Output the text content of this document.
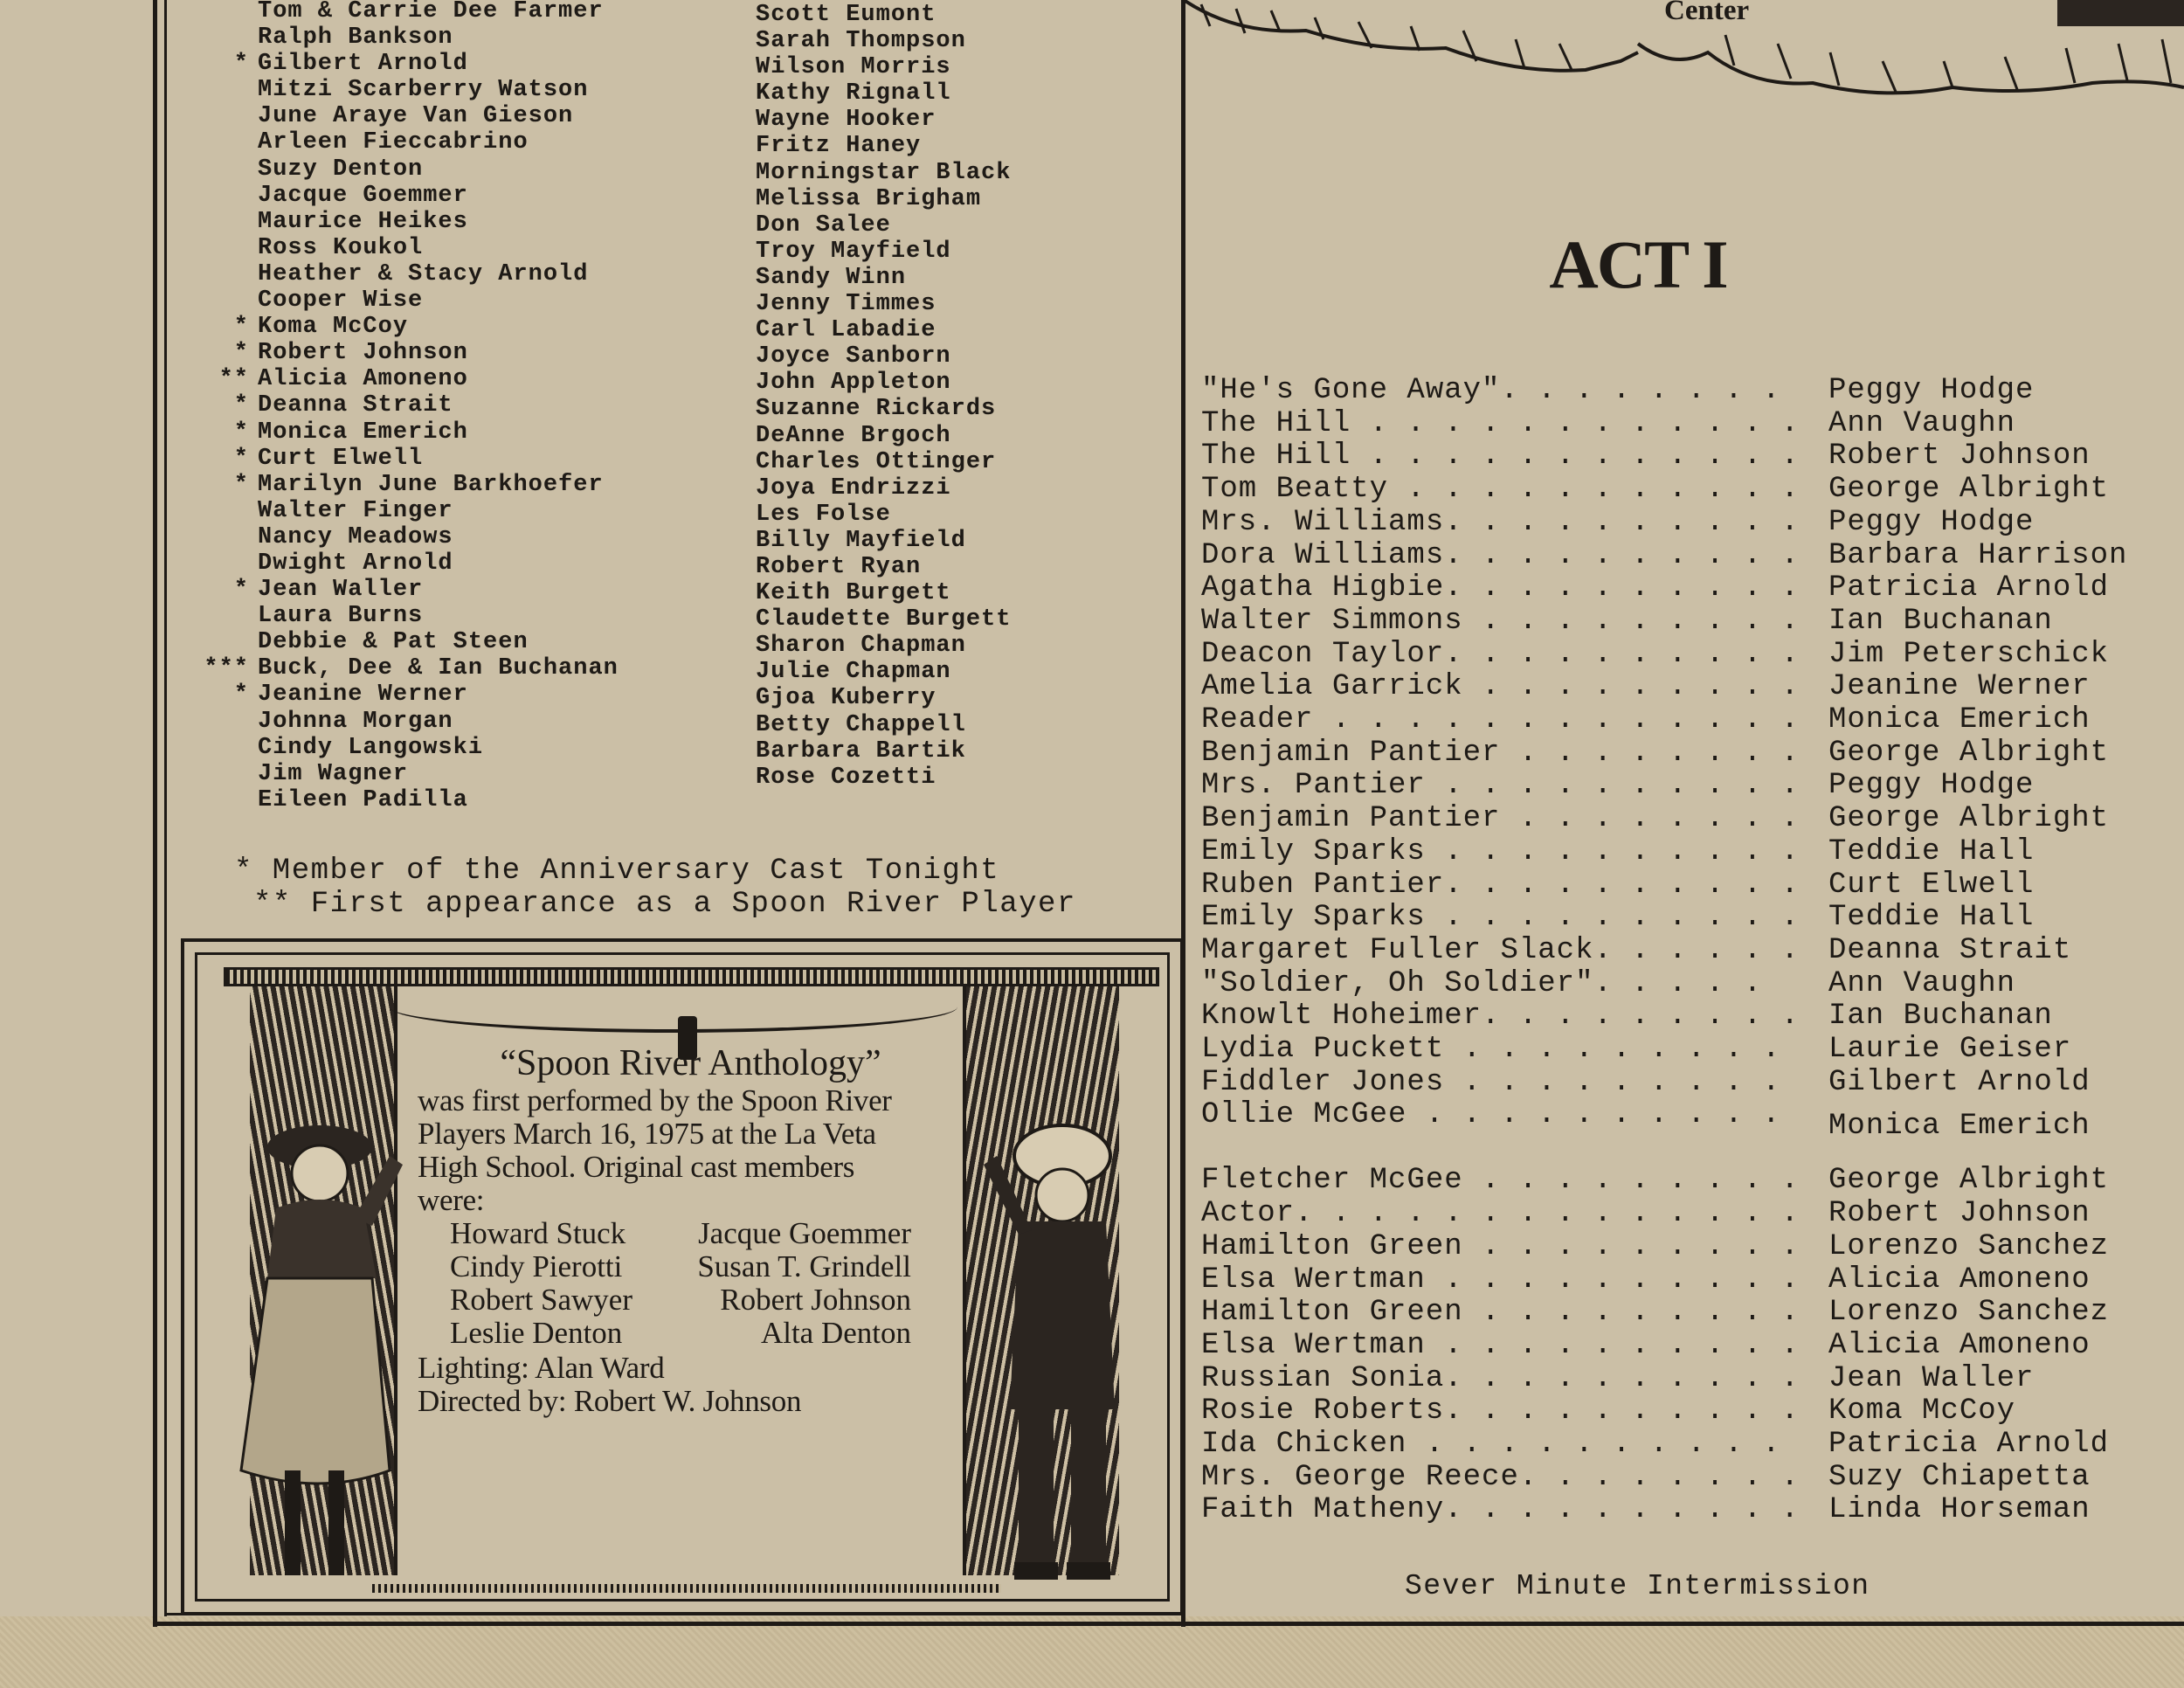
Center
Tom & Carrie Dee Farmer
Ralph Bankson
* Gilbert Arnold
Mitzi Scarberry Watson
June Araye Van Gieson
Arleen Fieccabrino
Suzy Denton
Jacque Goemmer
Maurice Heikes
Ross Koukol
Heather & Stacy Arnold
Cooper Wise
* Koma McCoy
* Robert Johnson
** Alicia Amoneno
* Deanna Strait
* Monica Emerich
* Curt Elwell
* Marilyn June Barkhoefer
Walter Finger
Nancy Meadows
Dwight Arnold
* Jean Waller
Laura Burns
Debbie & Pat Steen
*** Buck, Dee & Ian Buchanan
* Jeanine Werner
Johnna Morgan
Cindy Langowski
Jim Wagner
Eileen Padilla
Scott Eumont
Sarah Thompson
Wilson Morris
Kathy Rignall
Wayne Hooker
Fritz Haney
Morningstar Black
Melissa Brigham
Don Salee
Troy Mayfield
Sandy Winn
Jenny Timmes
Carl Labadie
Joyce Sanborn
John Appleton
Suzanne Rickards
DeAnne Brgoch
Charles Ottinger
Joya Endrizzi
Les Folse
Billy Mayfield
Robert Ryan
Keith Burgett
Claudette Burgett
Sharon Chapman
Julie Chapman
Gjoa Kuberry
Betty Chappell
Barbara Bartik
Rose Cozetti
* Member of the Anniversary Cast Tonight
** First appearance as a Spoon River Player
“Spoon River Anthology”
was first performed by the Spoon River
Players March 16, 1975 at the La Veta
High School. Original cast members
were:
Howard Stuck Jacque Goemmer
Cindy Pierotti Susan T. Grindell
Robert Sawyer	Robert Johnson
Leslie Denton	Alta Denton
Lighting: Alan Ward
Directed by: Robert W. Johnson
ACT I
"He's Gone Away". . . . . . . . Peggy Hodge
The Hill . . . . . . . . . . . . Ann Vaughn
The Hill . . . . . . . . . . . . Robert Johnson
Tom Beatty . . . . . . . . . . . George Albright
Mrs. Williams. . . . . . . . . . Peggy Hodge
Dora Williams. . . . . . . . . . Barbara Harrison
Agatha Higbie. . . . . . . . . . Patricia Arnold
Walter Simmons . . . . . . . . . Ian Buchanan
Deacon Taylor. . . . . . . . . . Jim Peterschick
Amelia Garrick . . . . . . . . . Jeanine Werner
Reader . . . . . . . . . . . . . Monica Emerich
Benjamin Pantier . . . . . . . . George Albright
Mrs. Pantier . . . . . . . . . . Peggy Hodge
Benjamin Pantier . . . . . . . . George Albright
Emily Sparks . . . . . . . . . . Teddie Hall
Ruben Pantier. . . . . . . . . . Curt Elwell
Emily Sparks . . . . . . . . . . Teddie Hall
Margaret Fuller Slack. . . . . . Deanna Strait
"Soldier, Oh Soldier". . . . . Ann Vaughn
Knowlt Hoheimer. . . . . . . . . Ian Buchanan
Lydia Puckett . . . . . . . . . Laurie Geiser
Fiddler Jones . . . . . . . . . Gilbert Arnold
Ollie McGee . . . . . . . . . . Monica Emerich
Fletcher McGee . . . . . . . . . George Albright
Actor. . . . . . . . . . . . . . Robert Johnson
Hamilton Green . . . . . . . . . Lorenzo Sanchez
Elsa Wertman . . . . . . . . . . Alicia Amoneno
Hamilton Green . . . . . . . . . Lorenzo Sanchez
Elsa Wertman . . . . . . . . . . Alicia Amoneno
Russian Sonia. . . . . . . . . . Jean Waller
Rosie Roberts. . . . . . . . . . Koma McCoy
Ida Chicken . . . . . . . . . . Patricia Arnold
Mrs. George Reece. . . . . . . . Suzy Chiapetta
Faith Matheny. . . . . . . . . . Linda Horseman
Sever Minute Intermission
